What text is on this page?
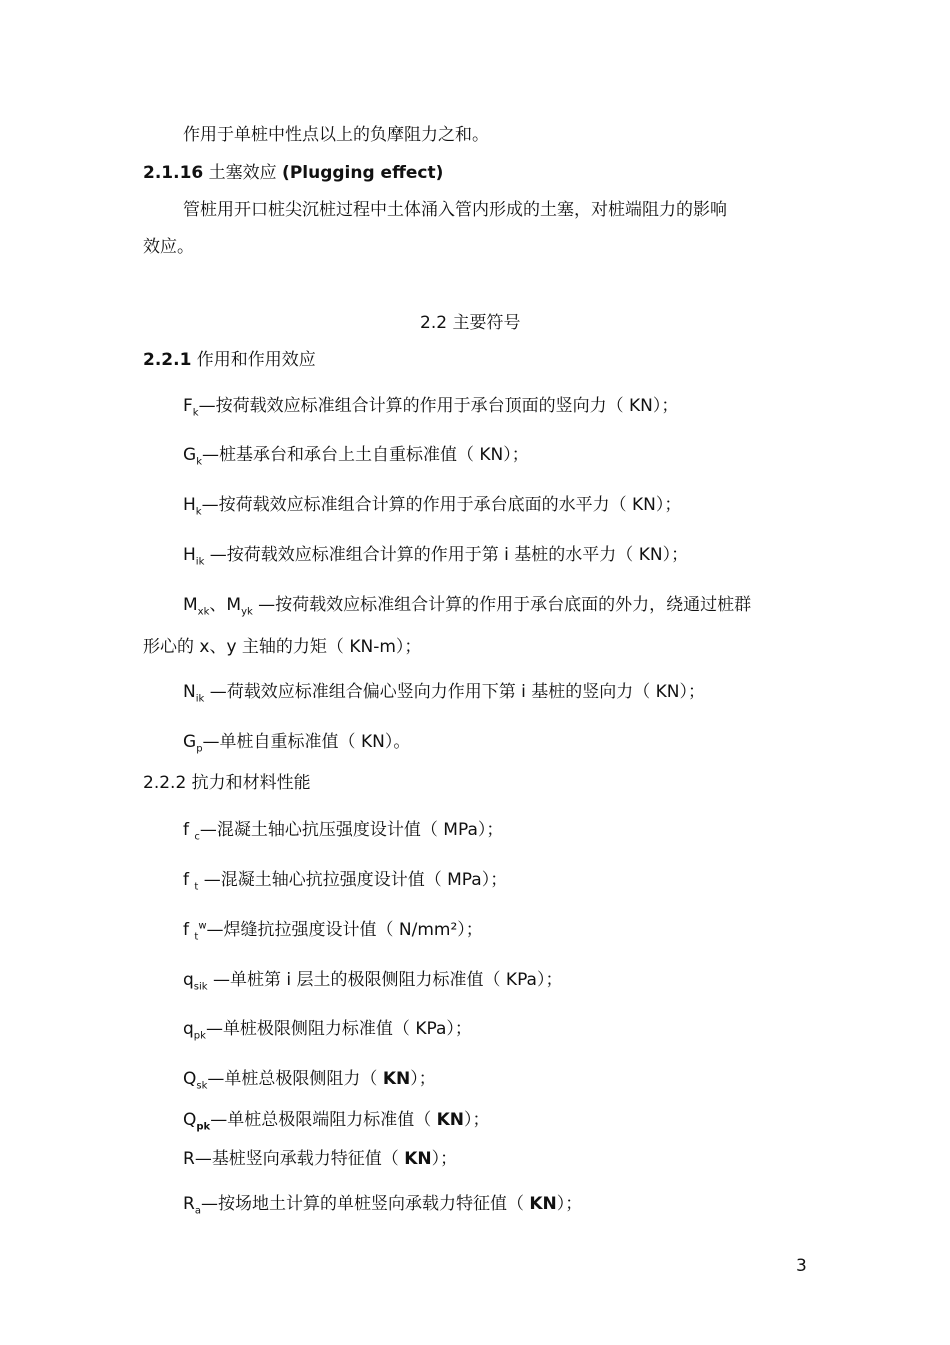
作用于单桩中性点以上的负摩阻力之和。
2.1.16 土塞效应 (Plugging effect)
管桩用开口桩尖沉桩过程中土体涌入管内形成的土塞，对桩端阻力的影响
效应。
2.2 主要符号
2.2.1 作用和作用效应
$F_k—$按荷载效应标准组合计算的作用于承台顶面的竖向力（ KN）；
$G_k—$桩基承台和承台上土自重标准值（ KN）；
$H_k—$按荷载效应标准组合计算的作用于承台底面的水平力（ KN）；
$H_{ik}$ —按荷载效应标准组合计算的作用于第 i 基桩的水平力（ KN）；
$M_{xk}$、$M_{yk}$ —按荷载效应标准组合计算的作用于承台底面的外力，绕通过桩群
形心的 x、y 主轴的力矩（ KN-m）；
$N_{ik}$ —荷载效应标准组合偏心竖向力作用下第 i 基桩的竖向力（ KN）；
$G_p—$单桩自重标准值（ KN）。
2.2.2 抗力和材料性能
f $_c$—混凝土轴心抗压强度设计值（ MPa）；
f $_t$ —混凝土轴心抗拉强度设计值（ MPa）；
f $_t^w$—焊缝抗拉强度设计值（ N/mm²）；
$q_{sik}$ —单桩第 i 层土的极限侧阻力标准值（ KPa）；
$q_{pk}—$单桩极限侧阻力标准值（ KPa）；
$Q_{sk}—$单桩总极限侧阻力（ KN）；
$Q_{pk}—$单桩总极限端阻力标准值（ KN）；
R—基桩竖向承载力特征值（ KN）；
$R_a—$按场地土计算的单桩竖向承载力特征值（ KN）；
3
